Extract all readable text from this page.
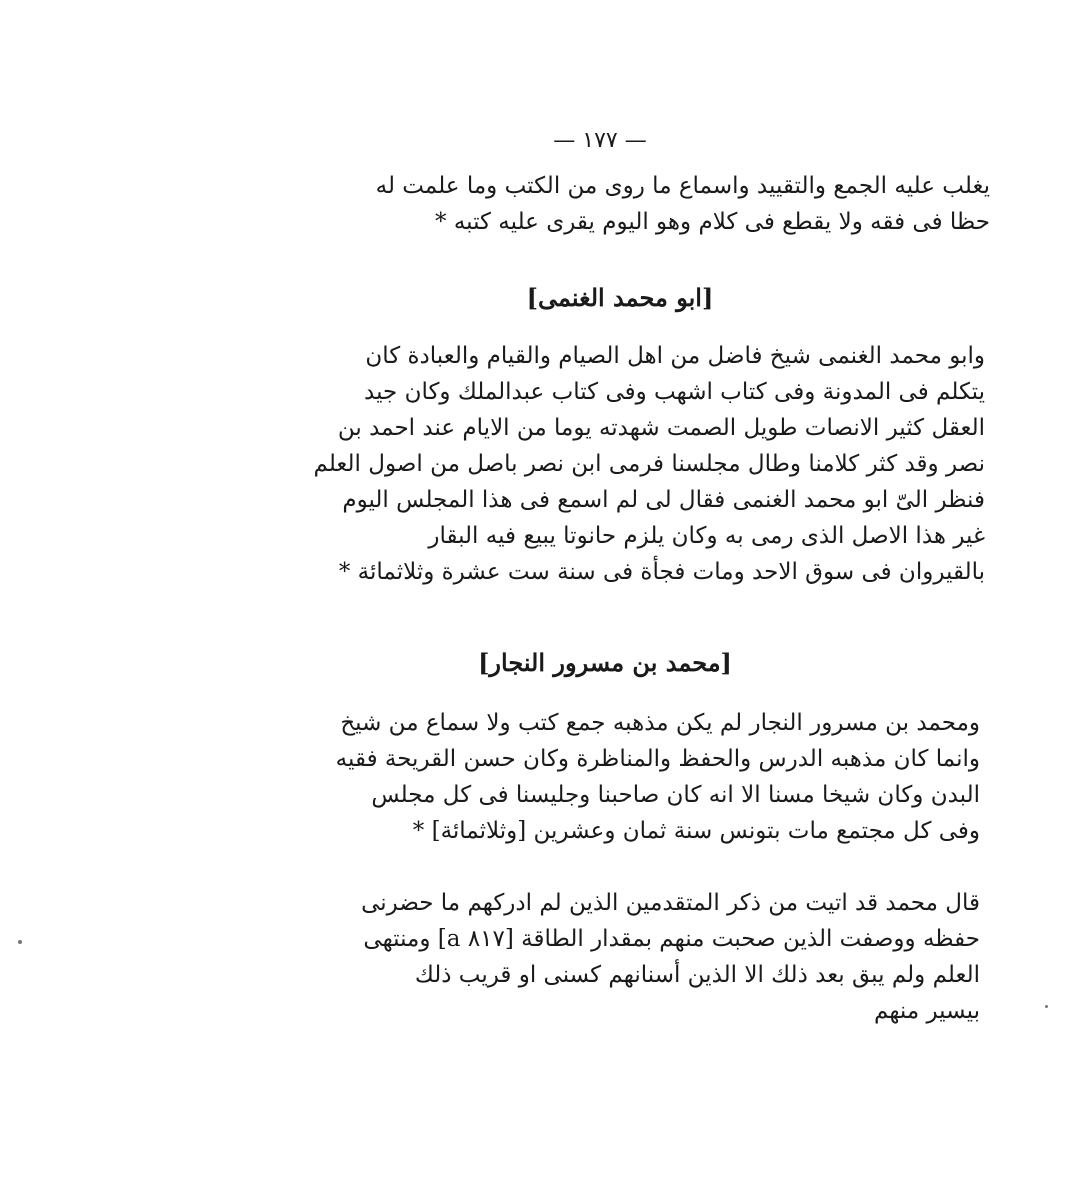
— ١٧٧ —
يغلب عليه الجمع والتقييد واسماع ما روى من الكتب وما علمت له
حظا فى فقه ولا يقطع فى كلام وهو اليوم يقرى عليه كتبه *
[ابو محمد الغنمى]
وابو محمد الغنمى شيخ فاضل من اهل الصيام والقيام والعبادة كان
يتكلم فى المدونة وفى كتاب اشهب وفى كتاب عبدالملك وكان جيد
العقل كثير الانصات طويل الصمت شهدته يوما من الايام عند احمد بن
نصر وقد كثر كلامنا وطال مجلسنا فرمى ابن نصر باصل من اصول العلم
فنظر الىّ ابو محمد الغنمى فقال لى لم اسمع فى هذا المجلس اليوم
غير هذا الاصل الذى رمى به وكان يلزم حانوتا يبيع فيه البقار
بالقيروان فى سوق الاحد ومات فجأة فى سنة ست عشرة وثلاثمائة *
[محمد بن مسرور النجار]
ومحمد بن مسرور النجار لم يكن مذهبه جمع كتب ولا سماع من شيخ
وانما كان مذهبه الدرس والحفظ والمناظرة وكان حسن القريحة فقيه
البدن وكان شيخا مسنا الا انه كان صاحبنا وجليسنا فى كل مجلس
وفى كل مجتمع مات بتونس سنة ثمان وعشرين [وثلاثمائة] *
قال محمد قد اتيت من ذكر المتقدمين الذين لم ادركهم ما حضرنى
حفظه ووصفت الذين صحبت منهم بمقدار الطاقة [٨١٧ a] ومنتهى
العلم ولم يبق بعد ذلك الا الذين أسنانهم كسنى او قريب ذلك
بيسير منهم
